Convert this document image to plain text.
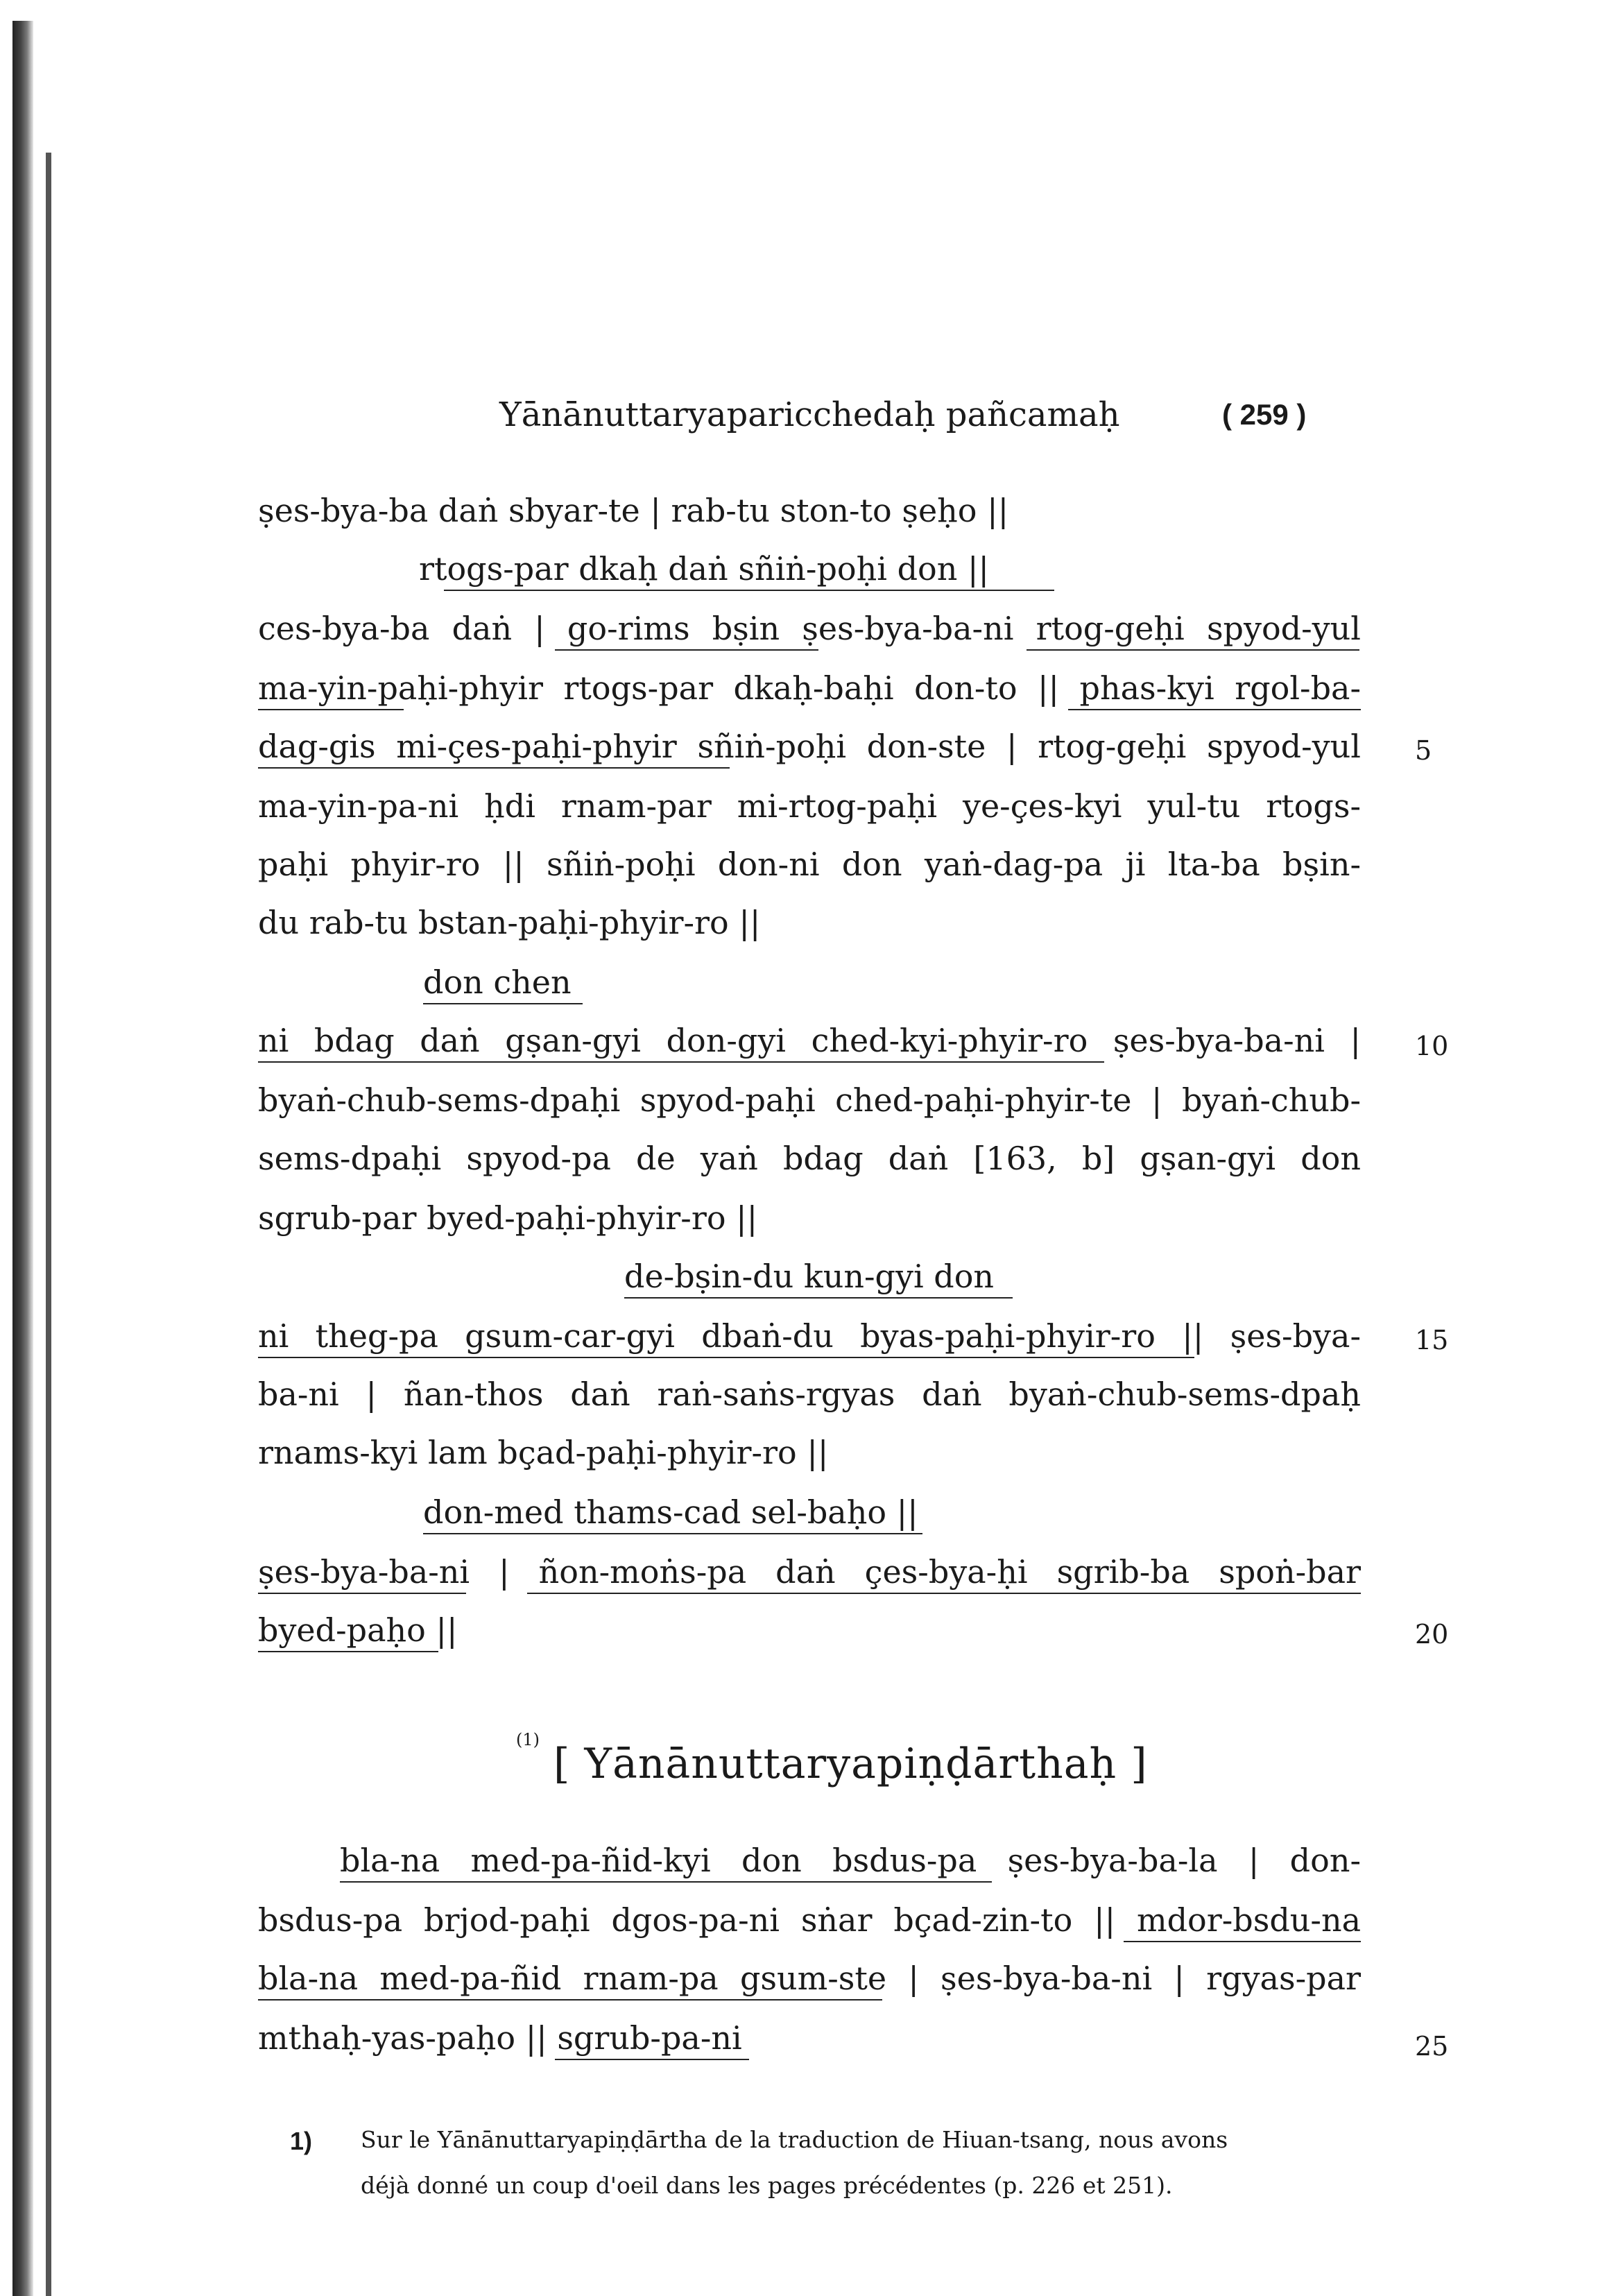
Yānānuttaryaparicchedaḥ pañcamaḥ	( 259 )
ṣes-bya-ba daṅ sbyar-te | rab-tu ston-to ṣeḥo ||
rtogs-par dkaḥ daṅ sñiṅ-poḥi don ||
ces-bya-ba daṅ | go-rims bṣin ṣes-bya-ba-ni rtog-geḥi spyod-yul
ma-yin-paḥi-phyir rtogs-par dkaḥ-baḥi don-to || phas-kyi rgol-ba-
dag-gis mi-çes-paḥi-phyir sñiṅ-poḥi don-ste | rtog-geḥi spyod-yul
ma-yin-pa-ni ḥdi rnam-par mi-rtog-paḥi ye-çes-kyi yul-tu rtogs-
paḥi phyir-ro || sñiṅ-poḥi don-ni don yaṅ-dag-pa ji lta-ba bṣin-
du rab-tu bstan-paḥi-phyir-ro ||
don chen
ni bdag daṅ gṣan-gyi don-gyi ched-kyi-phyir-ro ṣes-bya-ba-ni |
byaṅ-chub-sems-dpaḥi spyod-paḥi ched-paḥi-phyir-te | byaṅ-chub-
sems-dpaḥi spyod-pa de yaṅ bdag daṅ [163, b] gṣan-gyi don
sgrub-par byed-paḥi-phyir-ro ||
de-bṣin-du kun-gyi don
ni theg-pa gsum-car-gyi dbaṅ-du byas-paḥi-phyir-ro || ṣes-bya-
ba-ni | ñan-thos daṅ raṅ-saṅs-rgyas daṅ byaṅ-chub-sems-dpaḥ
rnams-kyi lam bçad-paḥi-phyir-ro ||
don-med thams-cad sel-baḥo ||
ṣes-bya-ba-ni | ñon-moṅs-pa daṅ çes-bya-ḥi sgrib-ba spoṅ-bar
byed-paḥo ||
5
10
15
20
25
(1) [ Yānānuttaryapiṇḍārthaḥ ]
bla-na med-pa-ñid-kyi don bsdus-pa ṣes-bya-ba-la | don-
bsdus-pa brjod-paḥi dgos-pa-ni sṅar bçad-zin-to || mdor-bsdu-na
bla-na med-pa-ñid rnam-pa gsum-ste | ṣes-bya-ba-ni | rgyas-par
mthaḥ-yas-paḥo || sgrub-pa-ni
1) Sur le Yānānuttaryapiṇḍārtha de la traduction de Hiuan-tsang, nous avons
déjà donné un coup d'oeil dans les pages précédentes (p. 226 et 251).
